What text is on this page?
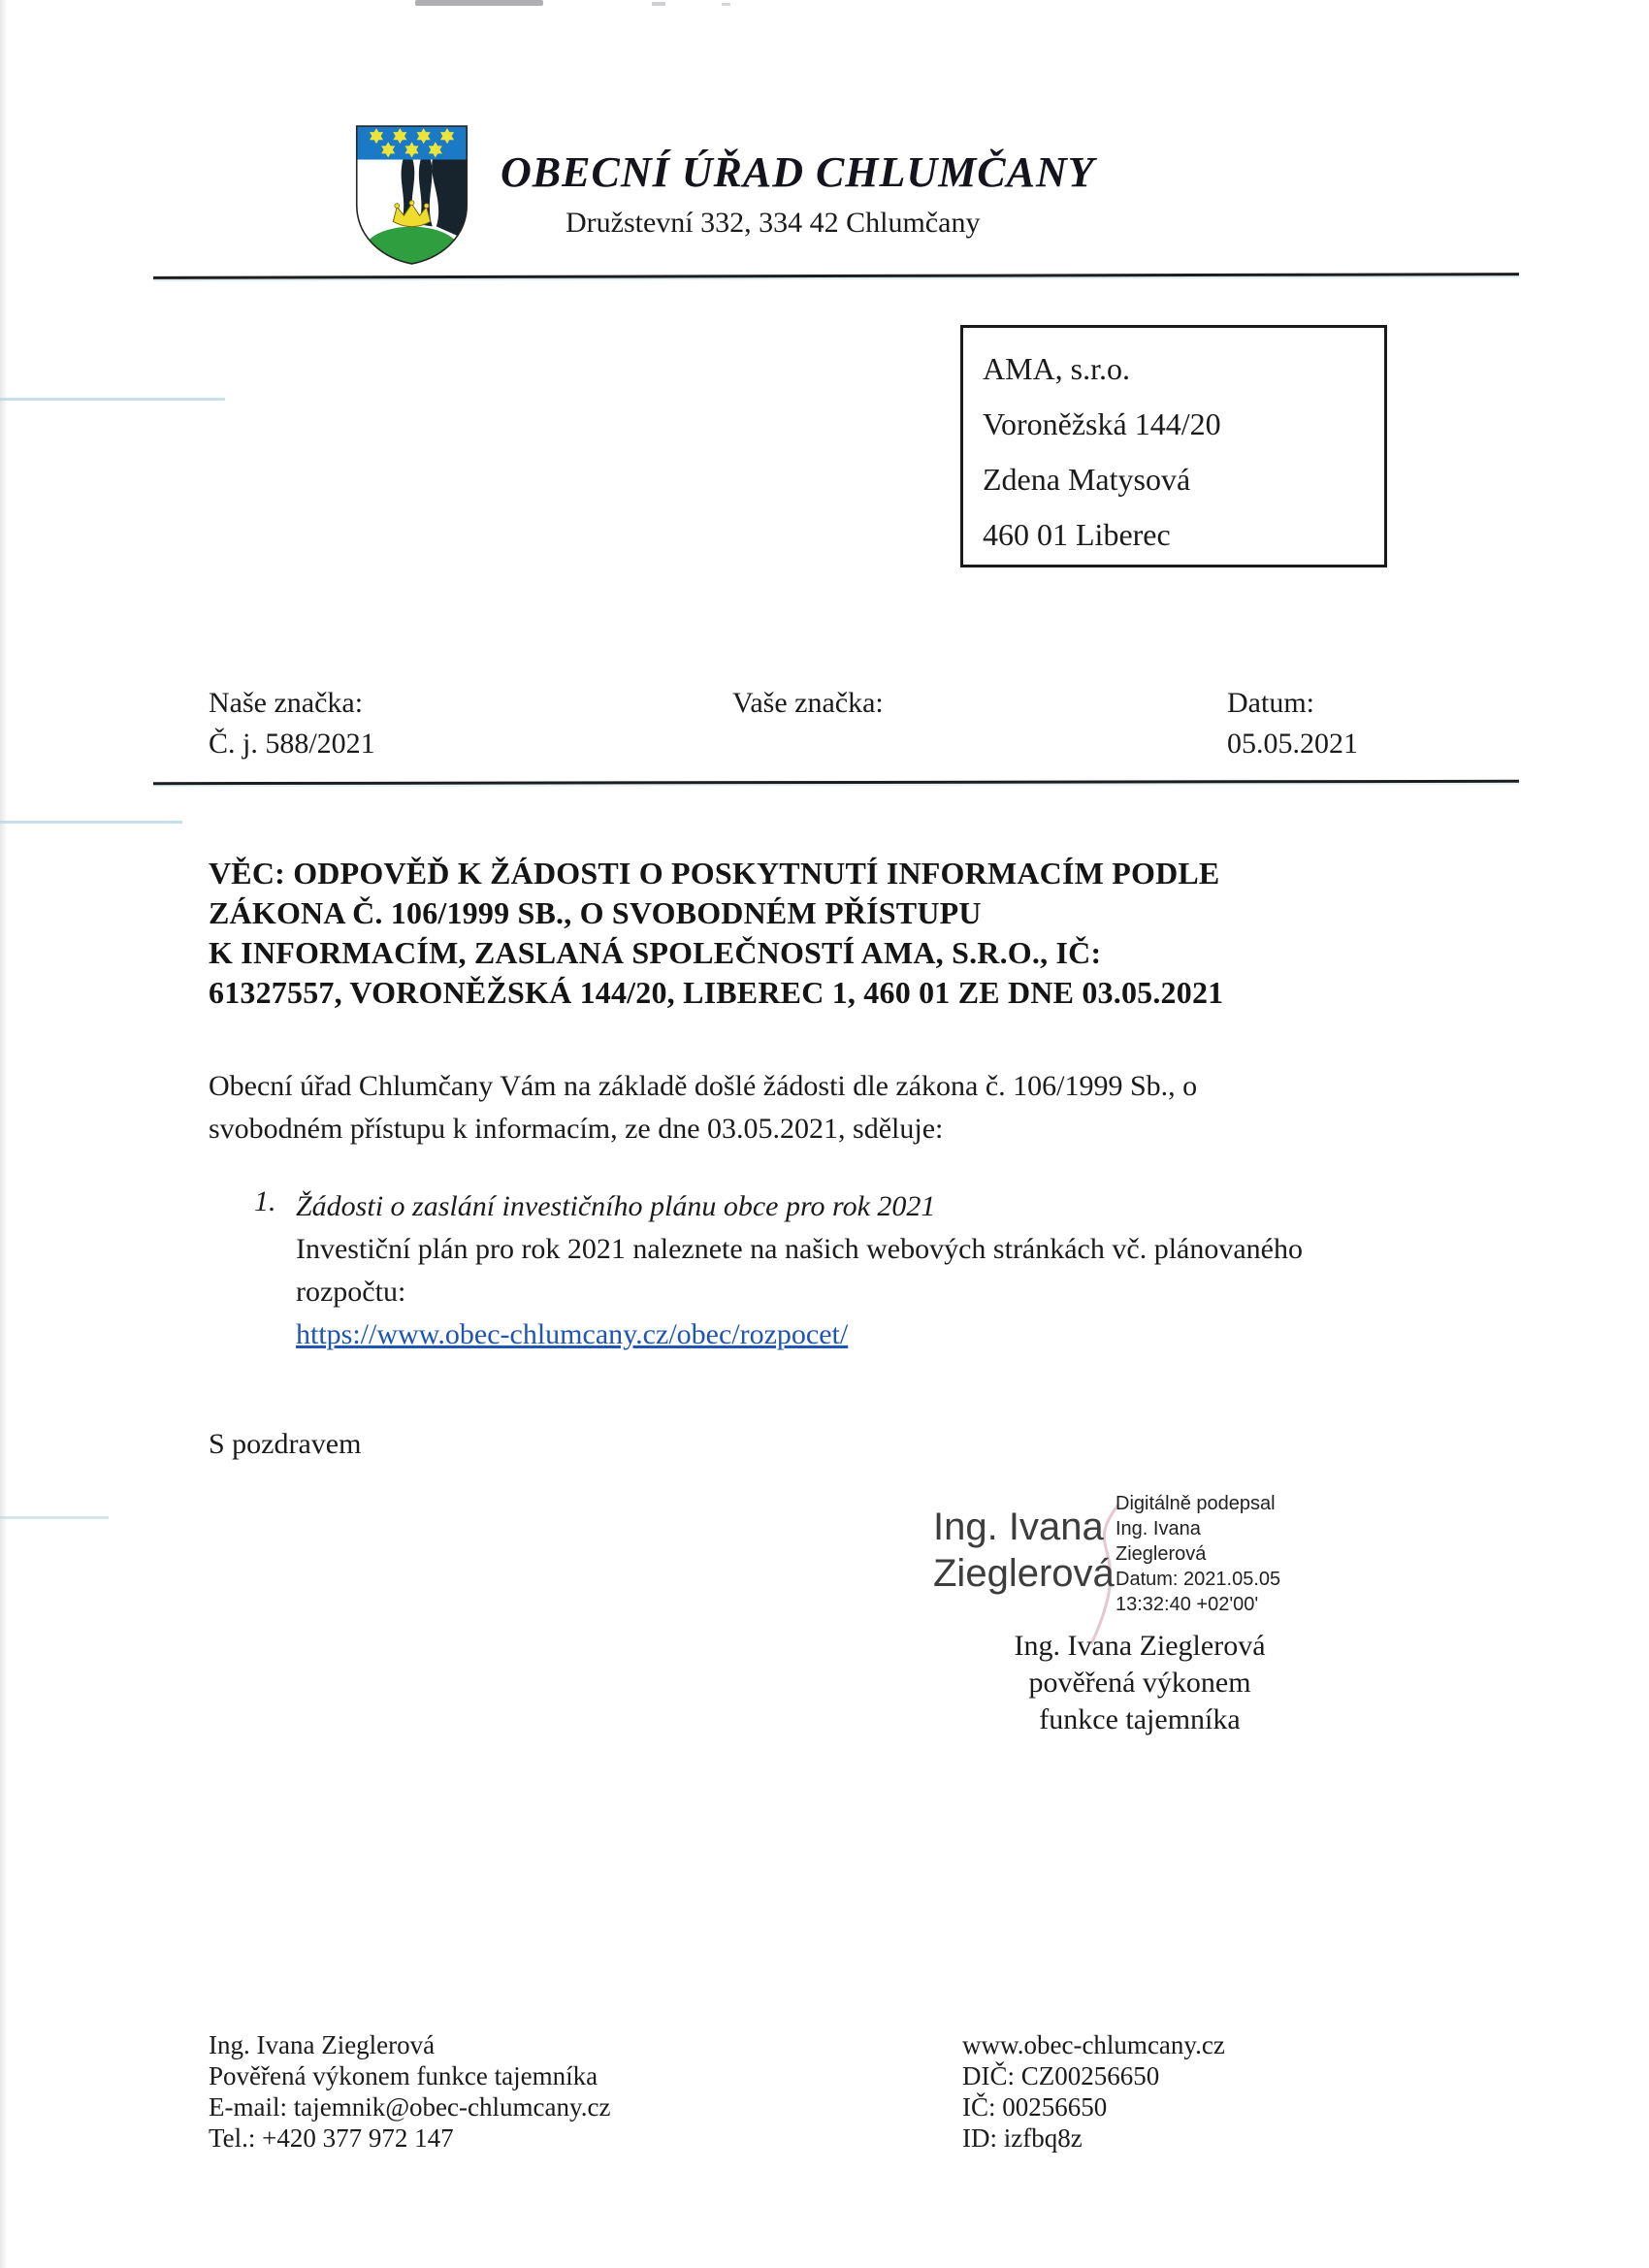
OBECNÍ ÚŘAD CHLUMČANY
Družstevní 332, 334 42 Chlumčany
AMA, s.r.o.
Voroněžská 144/20
Zdena Matysová
460 01 Liberec
Naše značka:
Č. j. 588/2021
Vaše značka:	Datum:
05.05.2021
VĚC: ODPOVĚĎ K ŽÁDOSTI O POSKYTNUTÍ INFORMACÍM PODLE
ZÁKONA Č. 106/1999 SB., O SVOBODNÉM PŘÍSTUPU
K INFORMACÍM, ZASLANÁ SPOLEČNOSTÍ AMA, S.R.O., IČ:
61327557, VORONĚŽSKÁ 144/20, LIBEREC 1, 460 01 ZE DNE 03.05.2021
Obecní úřad Chlumčany Vám na základě došlé žádosti dle zákona č. 106/1999 Sb., o
svobodném přístupu k informacím, ze dne 03.05.2021, sděluje:
1. Žádosti o zaslání investičního plánu obce pro rok 2021
Investiční plán pro rok 2021 naleznete na našich webových stránkách vč. plánovaného
rozpočtu:
https://www.obec-chlumcany.cz/obec/rozpocet/
S pozdravem
Ing. Ivana
Zieglerová
Digitálně podepsal
Ing. Ivana
Zieglerová
Datum: 2021.05.05
13:32:40 +02'00'
Ing. Ivana Zieglerová
pověřená výkonem
funkce tajemníka
Ing. Ivana Zieglerová
Pověřená výkonem funkce tajemníka
E-mail: tajemnik@obec-chlumcany.cz
Tel.: +420 377 972 147
www.obec-chlumcany.cz
DIČ: CZ00256650
IČ: 00256650
ID: izfbq8z
